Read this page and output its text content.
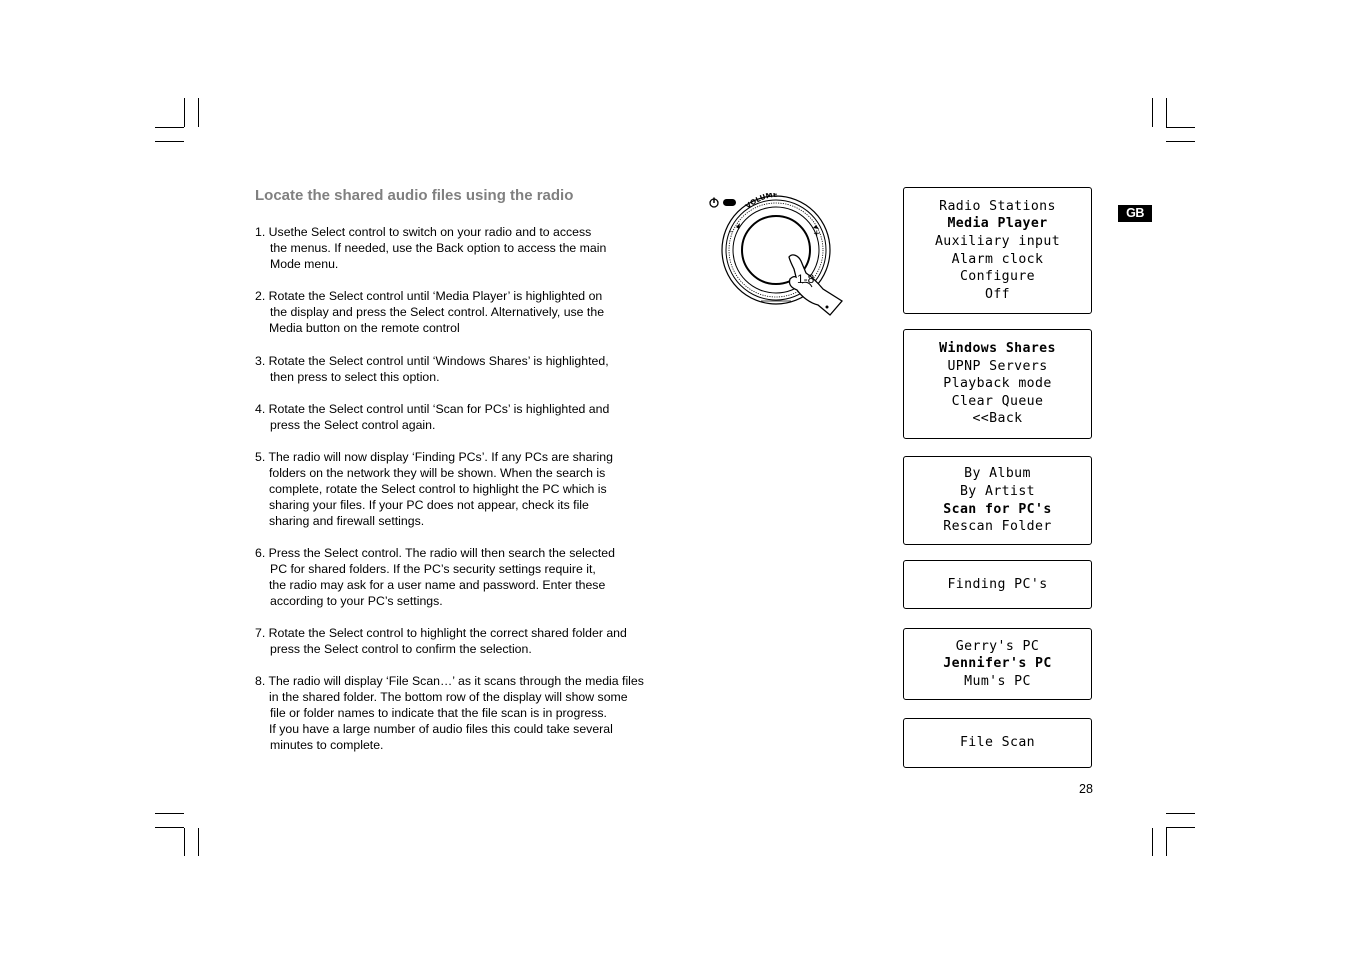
Locate the shared audio files using the radio
1. Usethe Select control to switch on your radio and to access
the menus. If needed, use the Back option to access the main
Mode menu.
2. Rotate the Select control until ‘Media Player’ is highlighted on
the display and press the Select control. Alternatively, use the
Media button on the remote control
3. Rotate the Select control until ‘Windows Shares’ is highlighted,
then press to select this option.
4. Rotate the Select control until ‘Scan for PCs’ is highlighted and
press the Select control again.
5. The radio will now display ‘Finding PCs’. If any PCs are sharing
folders on the network they will be shown. When the search is
complete, rotate the Select control to highlight the PC which is
sharing your files. If your PC does not appear, check its file
sharing and firewall settings.
6. Press the Select control. The radio will then search the selected
PC for shared folders. If the PC’s security settings require it,
the radio may ask for a user name and password. Enter these
according to your PC’s settings.
7. Rotate the Select control to highlight the correct shared folder and
press the Select control to confirm the selection.
8. The radio will display ‘File Scan…’ as it scans through the media files
in the shared folder. The bottom row of the display will show some
file or folder names to indicate that the file scan is in progress.
If you have a large number of audio files this could take several
minutes to complete.
VOLUME
–	+
1-8
Radio Stations
Media Player
Auxiliary input
Alarm clock
Configure
Off
Windows Shares
UPNP Servers
Playback mode
Clear Queue
<<Back
By Album
By Artist
Scan for PC's
Rescan Folder
Finding PC's
Gerry's PC
Jennifer's PC
Mum's PC
File Scan
GB
28
